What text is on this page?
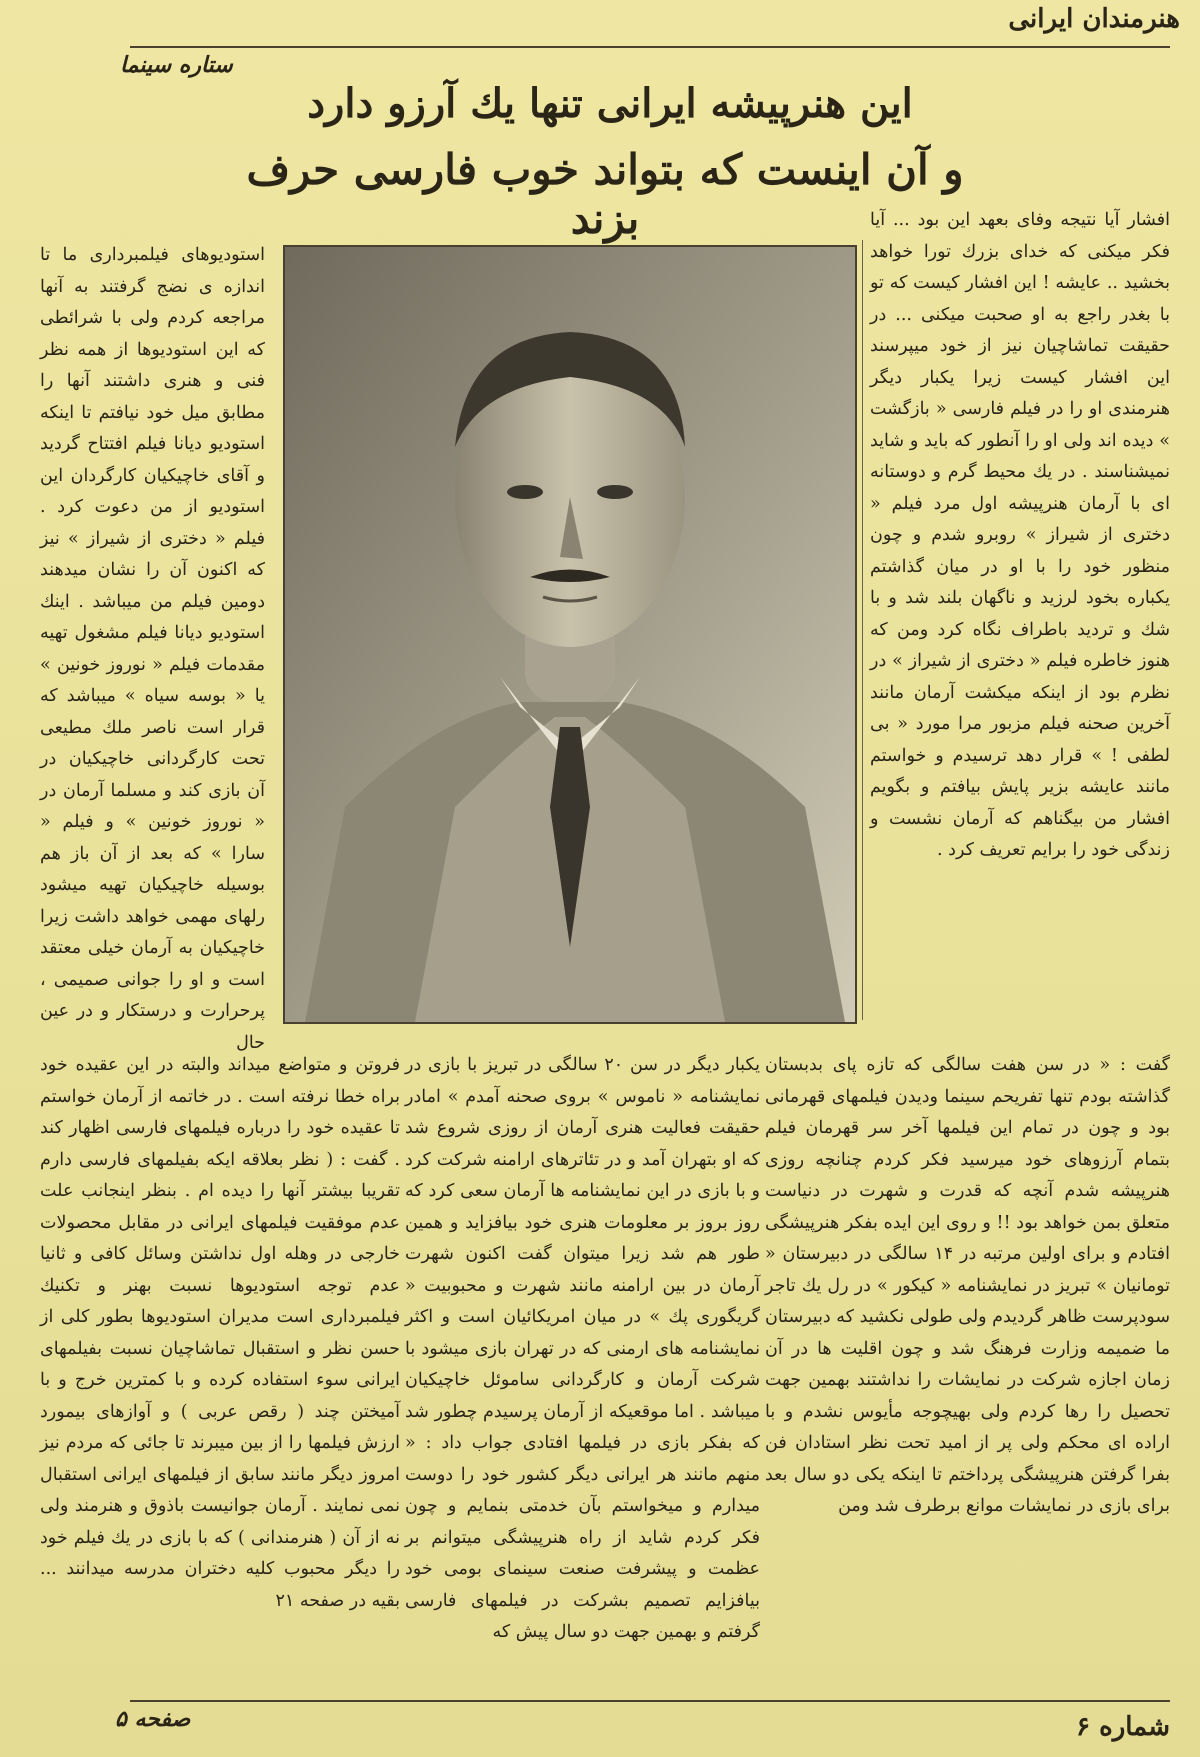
هنرمندان ایرانی
ستاره سینما
این هنرپیشه ایرانی تنها یك آرزو دارد
و آن اینست که بتواند خوب فارسی حرف بزند	افشار آیا نتیجه وفای بعهد این بود ... آیا فکر میکنی که خدای بزرك تورا خواهد بخشید .. عایشه ! این افشار کیست که تو با بغدر راجع به او صحبت میکنی ... در حقیقت تماشاچیان نیز از خود میپرسند این افشار کیست زیرا یکبار دیگر هنرمندی او را در فیلم فارسی « بازگشت » دیده اند ولی او را آنطور که باید و شاید نمیشناسند . در یك محیط گرم و دوستانه ای با آرمان هنرپیشه اول مرد فیلم « دختری از شیراز » روبرو شدم و چون منظور خود را با او در میان گذاشتم یکباره بخود لرزید و ناگهان بلند شد و با شك و تردید باطراف نگاه کرد ومن که هنوز خاطره فیلم « دختری از شیراز » در نظرم بود از اینکه میکشت آرمان مانند آخرین صحنه فیلم مزبور مرا مورد « بی لطفی ! » قرار دهد ترسیدم و خواستم مانند عایشه بزیر پایش بیافتم و بگویم افشار من بیگناهم که آرمان نشست و زندگی خود را برایم تعریف کرد .
استودیوهای فیلمبرداری ما تا اندازه ی نضج گرفتند به آنها مراجعه کردم ولی با شرائطی که این استودیوها از همه نظر فنی و هنری داشتند آنها را مطابق میل خود نیافتم تا اینکه استودیو دیانا فیلم افتتاح گردید و آقای خاچیکیان کارگردان این استودیو از من دعوت کرد . فیلم « دختری از شیراز » نیز که اکنون آن را نشان میدهند دومین فیلم من میباشد . اینك استودیو دیانا فیلم مشغول تهیه مقدمات فیلم « نوروز خونین » یا « بوسه سیاه » میباشد که قرار است ناصر ملك مطیعی تحت کارگردانی خاچیکیان در آن بازی کند و مسلما آرمان در « نوروز خونین » و فیلم « سارا » که بعد از آن باز هم بوسیله خاچیکیان تهیه میشود رلهای مهمی خواهد داشت زیرا خاچیکیان به آرمان خیلی معتقد است و او را جوانی صمیمی ، پرحرارت و درستکار و در عین حال
گفت : « در سن هفت سالگی که تازه پای بدبستان گذاشته بودم تنها تفریحم سینما ودیدن فیلمهای قهرمانی بود و چون در تمام این فیلمها آخر سر قهرمان فیلم بتمام آرزوهای خود میرسید فکر کردم چنانچه روزی هنرپیشه شدم آنچه که قدرت و شهرت در دنیاست متعلق بمن خواهد بود !! و روی این ایده بفکر هنرپیشگی افتادم و برای اولین مرتبه در ۱۴ سالگی در دبیرستان « تومانیان » تبریز در نمایشنامه « کیکور » در رل یك تاجر سودپرست ظاهر گردیدم ولی طولی نکشید که دبیرستان ما ضمیمه وزارت فرهنگ شد و چون اقلیت ها در آن زمان اجازه شرکت در نمایشات را نداشتند بهمین جهت تحصیل را رها کردم ولی بهیچوجه مأیوس نشدم و با اراده ای محکم ولی پر از امید تحت نظر استادان فن بفرا گرفتن هنرپیشگی پرداختم تا اینکه یکی دو سال بعد برای بازی در نمایشات موانع برطرف شد ومن
یکبار دیگر در سن ۲۰ سالگی در تبریز با بازی در نمایشنامه « ناموس » بروی صحنه آمدم » امادر حقیقت فعالیت هنری آرمان از روزی شروع شد که او بتهران آمد و در تئاترهای ارامنه شرکت کرد و با بازی در این نمایشنامه ها آرمان سعی کرد که روز بروز بر معلومات هنری خود بیافزاید و همین طور هم شد زیرا میتوان گفت اکنون شهرت آرمان در بین ارامنه مانند شهرت و محبوبیت « گریگوری پك » در میان امریکائیان است و اکثر نمایشنامه های ارمنی که در تهران بازی میشود با شرکت آرمان و کارگردانی ساموئل خاچیکیان میباشد . اما موقعیکه از آرمان پرسیدم چطور شد که بفکر بازی در فیلمها افتادی جواب داد : « منهم مانند هر ایرانی دیگر کشور خود را دوست میدارم و میخواستم بآن خدمتی بنمایم و چون فکر کردم شاید از راه هنرپیشگی میتوانم بر عظمت و پیشرفت صنعت سینمای بومی خود بیافزایم تصمیم بشرکت در فیلمهای فارسی گرفتم و بهمین جهت دو سال پیش که
فروتن و متواضع میداند والبته در این عقیده خود براه خطا نرفته است . در خاتمه از آرمان خواستم تا عقیده خود را درباره فیلمهای فارسی اظهار کند . گفت : ( نظر بعلاقه ایکه بفیلمهای فارسی دارم تقریبا بیشتر آنها را دیده ام . بنظر اینجانب علت عدم موفقیت فیلمهای ایرانی در مقابل محصولات خارجی در وهله اول نداشتن وسائل کافی و ثانیا عدم توجه استودیوها نسبت بهنر و تکنیك فیلمبرداری است مدیران استودیوها بطور کلی از حسن نظر و استقبال تماشاچیان نسبت بفیلمهای ایرانی سوء استفاده کرده و با کمترین خرج و با آمیختن چند ( رقص عربی ) و آوازهای بیمورد ارزش فیلمها را از بین میبرند تا جائی که مردم نیز امروز دیگر مانند سابق از فیلمهای ایرانی استقبال نمی نمایند . آرمان جوانیست باذوق و هنرمند ولی نه از آن ( هنرمندانی ) که با بازی در یك فیلم خود را دیگر محبوب کلیه دختران مدرسه میدانند ... بقیه در صفحه ۲۱
صفحه ۵	شماره ۶
